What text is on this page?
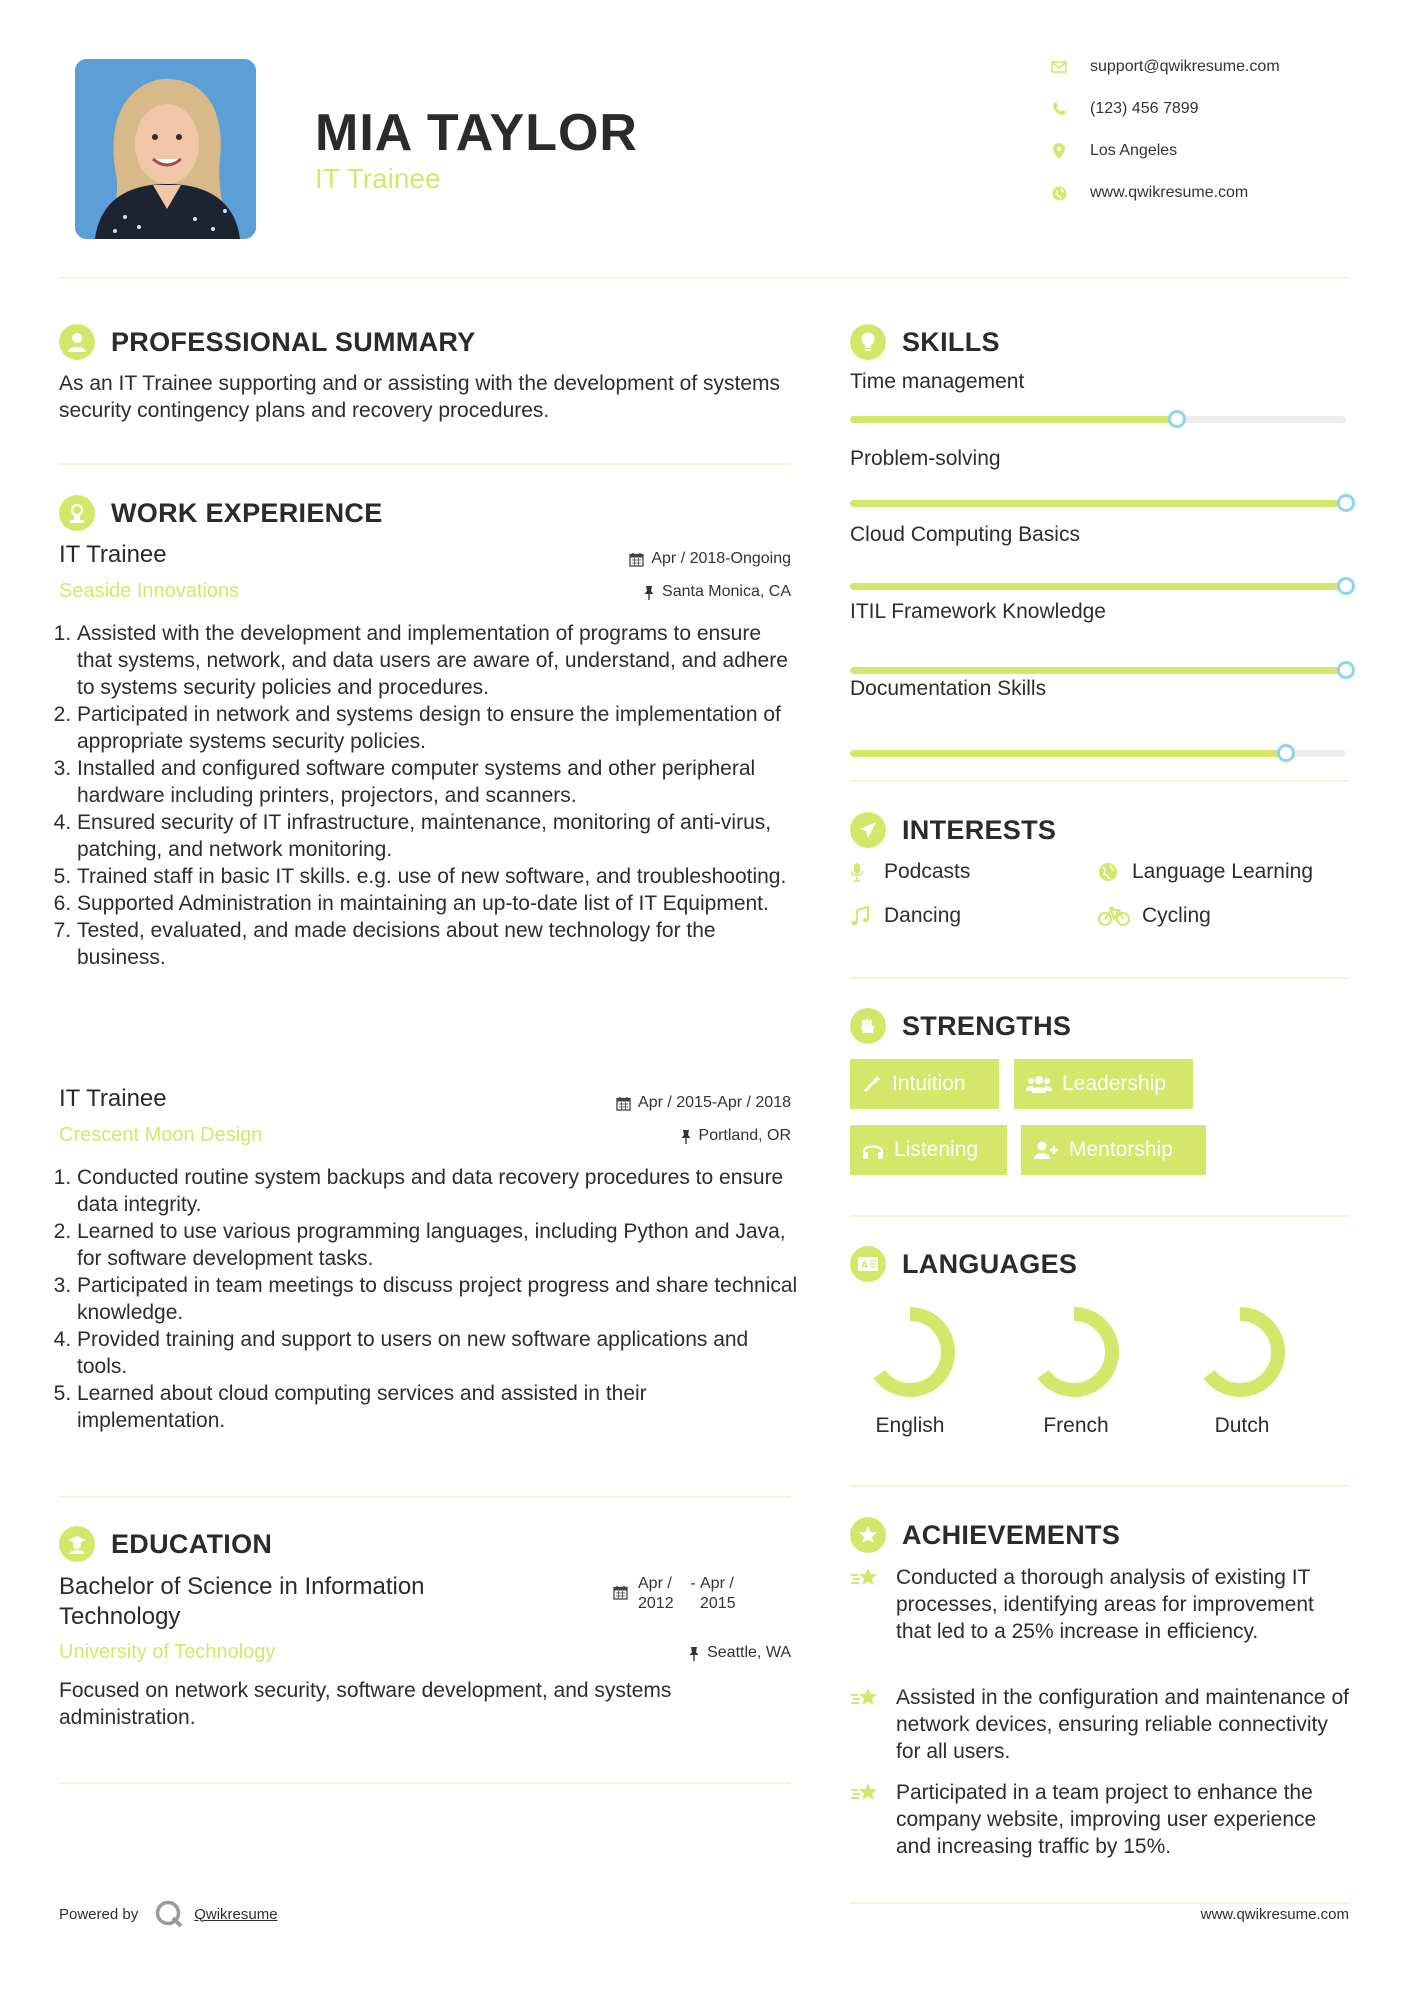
MIA TAYLOR
IT Trainee
support@qwikresume.com
(123) 456 7899
Los Angeles
www.qwikresume.com
PROFESSIONAL SUMMARY
As an IT Trainee supporting and or assisting with the development of systems security contingency plans and recovery procedures.
WORK EXPERIENCE
IT Trainee	Apr / 2018-Ongoing
Seaside Innovations	Santa Monica, CA
1. Assisted with the development and implementation of programs to ensure that systems, network, and data users are aware of, understand, and adhere to systems security policies and procedures.
2. Participated in network and systems design to ensure the implementation of appropriate systems security policies.
3. Installed and configured software computer systems and other peripheral hardware including printers, projectors, and scanners.
4. Ensured security of IT infrastructure, maintenance, monitoring of anti-virus, patching, and network monitoring.
5. Trained staff in basic IT skills. e.g. use of new software, and troubleshooting.
6. Supported Administration in maintaining an up-to-date list of IT Equipment.
7. Tested, evaluated, and made decisions about new technology for the business.
IT Trainee	Apr / 2015-Apr / 2018
Crescent Moon Design	Portland, OR
1. Conducted routine system backups and data recovery procedures to ensure data integrity.
2. Learned to use various programming languages, including Python and Java, for software development tasks.
3. Participated in team meetings to discuss project progress and share technical knowledge.
4. Provided training and support to users on new software applications and tools.
5. Learned about cloud computing services and assisted in their implementation.
EDUCATION
Bachelor of Science in Information Technology
Apr / 2012
- Apr / 2015
University of Technology	Seattle, WA
Focused on network security, software development, and systems administration.
SKILLS
Time management
Problem-solving
Cloud Computing Basics
ITIL Framework Knowledge
Documentation Skills
INTERESTS
Podcasts	Language Learning
Dancing	Cycling
STRENGTHS
Intuition	Leadership
Listening	Mentorship
A LANGUAGES
English	French	Dutch
ACHIEVEMENTS
Conducted a thorough analysis of existing IT processes, identifying areas for improvement that led to a 25% increase in efficiency.
Assisted in the configuration and maintenance of network devices, ensuring reliable connectivity for all users.
Participated in a team project to enhance the company website, improving user experience and increasing traffic by 15%.
Powered by	Qwikresume	www.qwikresume.com
